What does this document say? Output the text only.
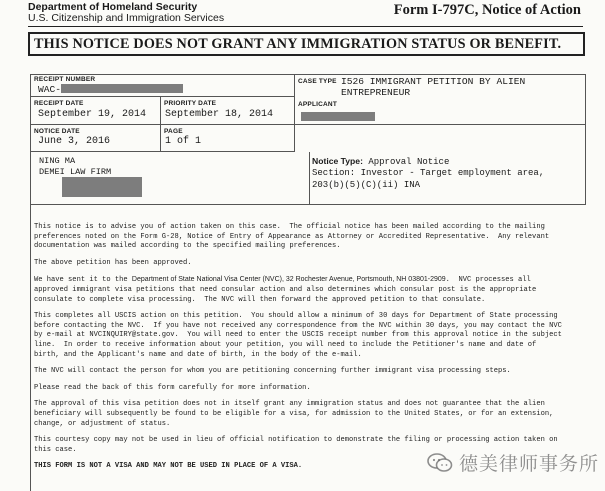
Department of Homeland Security
U.S. Citizenship and Immigration Services	Form I-797C, Notice of Action
THIS NOTICE DOES NOT GRANT ANY IMMIGRATION STATUS OR BENEFIT.
RECEIPT NUMBER
WAC-
CASE TYPE I526 IMMIGRANT PETITION BY ALIEN
ENTREPRENEUR
RECEIPT DATE
September 19, 2014
PRIORITY DATE
September 18, 2014
APPLICANT
NOTICE DATE
June 3, 2016
PAGE
1 of 1
NING MA
DEMEI LAW FIRM
Notice Type: Approval Notice
Section: Investor - Target employment area,
203(b)(5)(C)(ii) INA

This notice is to advise you of action taken on this case.  The official notice has been mailed according to the mailing
preferences noted on the Form G-28, Notice of Entry of Appearance as Attorney or Accredited Representative.  Any relevant
documentation was mailed according to the specified mailing preferences.

The above petition has been approved.

We have sent it to the Department of State National Visa Center (NVC), 32 Rochester Avenue, Portsmouth, NH 03801-2909.  NVC processes all
approved immigrant visa petitions that need consular action and also determines which consular post is the appropriate
consulate to complete visa processing.  The NVC will then forward the approved petition to that consulate.

This completes all USCIS action on this petition.  You should allow a minimum of 30 days for Department of State processing
before contacting the NVC.  If you have not received any correspondence from the NVC within 30 days, you may contact the NVC
by e-mail at NVCINQUIRY@state.gov.  You will need to enter the USCIS receipt number from this approval notice in the subject
line.  In order to receive information about your petition, you will need to include the Petitioner's name and date of
birth, and the Applicant's name and date of birth, in the body of the e-mail.

The NVC will contact the person for whom you are petitioning concerning further immigrant visa processing steps.

Please read the back of this form carefully for more information.

The approval of this visa petition does not in itself grant any immigration status and does not guarantee that the alien
beneficiary will subsequently be found to be eligible for a visa, for admission to the United States, or for an extension,
change, or adjustment of status.

This courtesy copy may not be used in lieu of official notification to demonstrate the filing or processing action taken on
this case.

THIS FORM IS NOT A VISA AND MAY NOT BE USED IN PLACE OF A VISA.	德美律师事务所
